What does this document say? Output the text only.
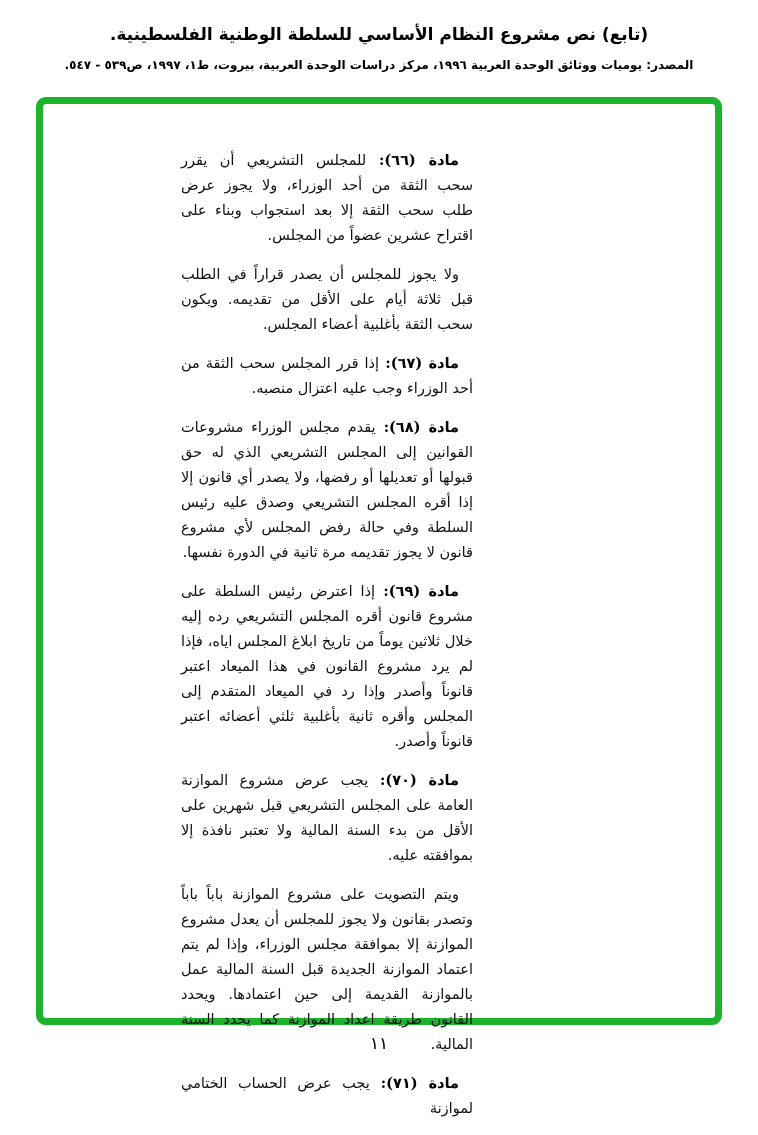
(تابع) نص مشروع النظام الأساسي للسلطة الوطنية الفلسطينية.
المصدر: يوميات ووثائق الوحدة العربية ١٩٩٦، مركز دراسات الوحدة العربية، بيروت، ط١، ١٩٩٧، ص٥٣٩ - ٥٤٧.

مادة (٦٦):للمجلس التشريعي أن يقرر سحب الثقة من أحد الوزراء، ولا يجوز عرض طلب سحب الثقة إلا بعد استجواب وبناء على اقتراح عشرين عضواً من المجلس.

ولا يجوز للمجلس أن يصدر قراراً في الطلب قبل ثلاثة أيام على الأقل من تقديمه. ويكون سحب الثقة بأغلبية أعضاء المجلس.

مادة (٦٧):إذا قرر المجلس سحب الثقة من أحد الوزراء وجب عليه اعتزال منصبه.

مادة (٦٨):يقدم مجلس الوزراء مشروعات القوانين إلى المجلس التشريعي الذي له حق قبولها أو تعديلها أو رفضها، ولا يصدر أي قانون إلا إذا أقره المجلس التشريعي وصدق عليه رئيس السلطة وفي حالة رفض المجلس لأي مشروع قانون لا يجوز تقديمه مرة ثانية في الدورة نفسها.

مادة (٦٩):إذا اعترض رئيس السلطة على مشروع قانون أقره المجلس التشريعي رده إليه خلال ثلاثين يوماً من تاريخ ابلاغ المجلس اياه، فإذا لم يرد مشروع القانون في هذا الميعاد اعتبر قانوناً وأصدر وإذا رد في الميعاد المتقدم إلى المجلس وأقره ثانية بأغلبية ثلثي أعضائه اعتبر قانوناً وأصدر.

مادة (٧٠):يجب عرض مشروع الموازنة العامة على المجلس التشريعي قبل شهرين على الأقل من بدء السنة المالية ولا تعتبر نافذة إلا بموافقته عليه.

ويتم التصويت على مشروع الموازنة باباً باباً وتصدر بقانون ولا يجوز للمجلس أن يعدل مشروع الموازنة إلا بموافقة مجلس الوزراء، وإذا لم يتم اعتماد الموازنة الجديدة قبل السنة المالية عمل بالموازنة القديمة إلى حين اعتمادها. ويحدد القانون طريقة اعداد الموازنة كما يحدد السنة المالية.

مادة (٧١):يجب عرض الحساب الختامي لموازنة

١١
